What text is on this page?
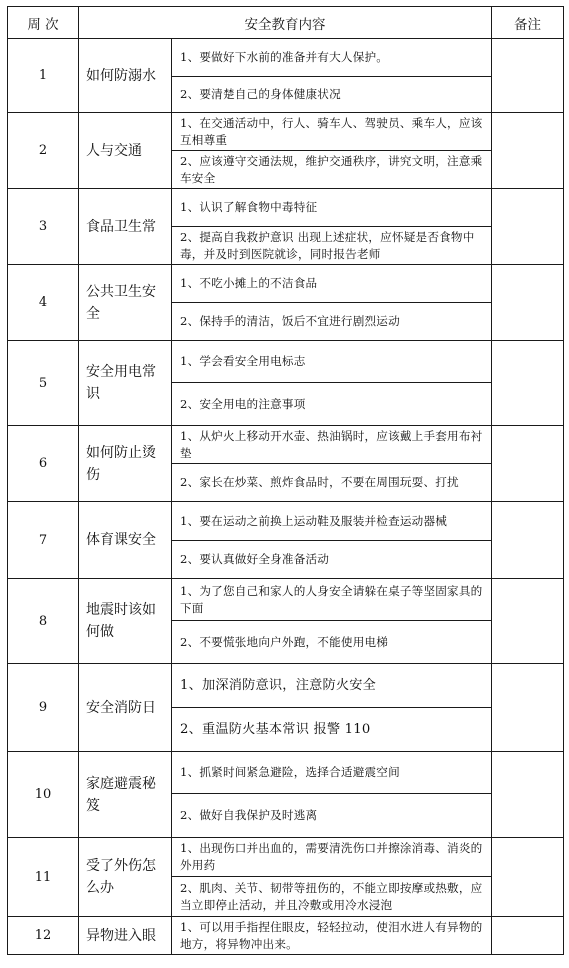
周 次	安全教育内容		备注
1	如何防溺水	1、要做好下水前的准备并有大人保护。	
		2、要清楚自己的身体健康状况	
2	人与交通	1、在交通活动中，行人、骑车人、驾驶员、乘车人，应该互相尊重	
		2、应该遵守交通法规，维护交通秩序，讲究文明，注意乘车安全	
3	食品卫生常	1、认识了解食物中毒特征	
		2、提高自我救护意识 出现上述症状，应怀疑是否食物中毒，并及时到医院就诊，同时报告老师	
4	公共卫生安全	1、不吃小摊上的不洁食品	
		2、保持手的清洁，饭后不宜进行剧烈运动	
5	安全用电常识	1、学会看安全用电标志	
		2、安全用电的注意事项	
6	如何防止烫伤	1、从炉火上移动开水壶、热油锅时，应该戴上手套用布衬垫	
		2、家长在炒菜、煎炸食品时，不要在周围玩耍、打扰	
7	体育课安全	1、要在运动之前换上运动鞋及服装并检查运动器械	
		2、要认真做好全身准备活动	
8	地震时该如何做	1、为了您自己和家人的人身安全请躲在桌子等坚固家具的下面	
		2、不要慌张地向户外跑，不能使用电梯	
9	安全消防日	1、加深消防意识，注意防火安全	
		2、重温防火基本常识 报警 110	
10	家庭避震秘笈	1、抓紧时间紧急避险，选择合适避震空间	
		2、做好自我保护及时逃离	
11	受了外伤怎么办	1、出现伤口并出血的，需要清洗伤口并擦涂消毒、消炎的外用药	
		2、肌肉、关节、韧带等扭伤的，不能立即按摩或热敷，应当立即停止活动，并且冷敷或用冷水浸泡	
12	异物进入眼	1、可以用手指捏住眼皮，轻轻拉动，使泪水进人有异物的地方，将异物冲出来。	
